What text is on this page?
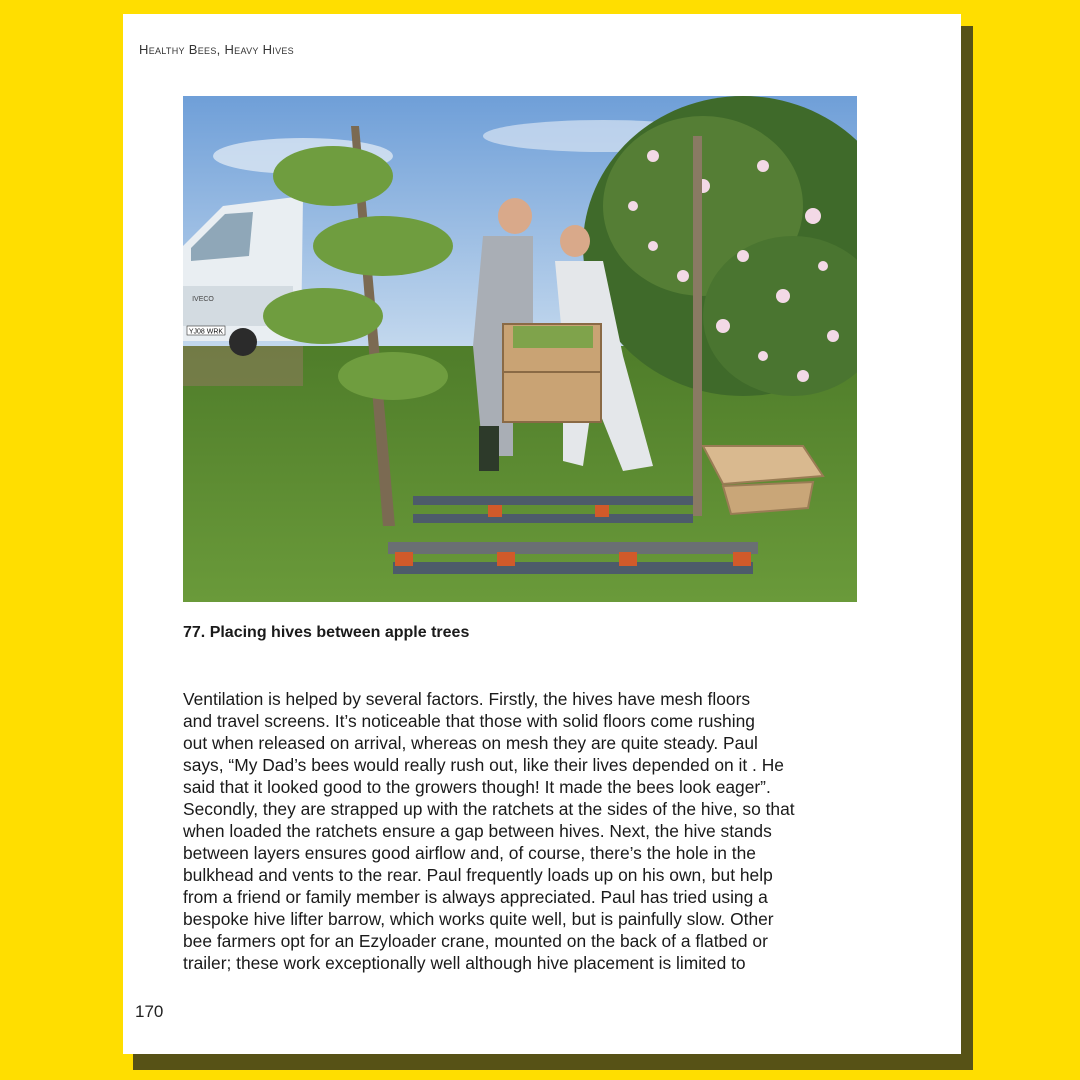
Healthy Bees, Heavy Hives
YJ08 WRK
IVECO
77. Placing hives between apple trees
Ventilation is helped by several factors. Firstly, the hives have mesh floors
and travel screens. It’s noticeable that those with solid floors come rushing
out when released on arrival, whereas on mesh they are quite steady. Paul
says, “My Dad’s bees would really rush out, like their lives depended on it . He
said that it looked good to the growers though! It made the bees look eager”.
Secondly, they are strapped up with the ratchets at the sides of the hive, so that
when loaded the ratchets ensure a gap between hives. Next, the hive stands
between layers ensures good airflow and, of course, there’s the hole in the
bulkhead and vents to the rear. Paul frequently loads up on his own, but help
from a friend or family member is always appreciated. Paul has tried using a
bespoke hive lifter barrow, which works quite well, but is painfully slow. Other
bee farmers opt for an Ezyloader crane, mounted on the back of a flatbed or
trailer; these work exceptionally well although hive placement is limited to
170
